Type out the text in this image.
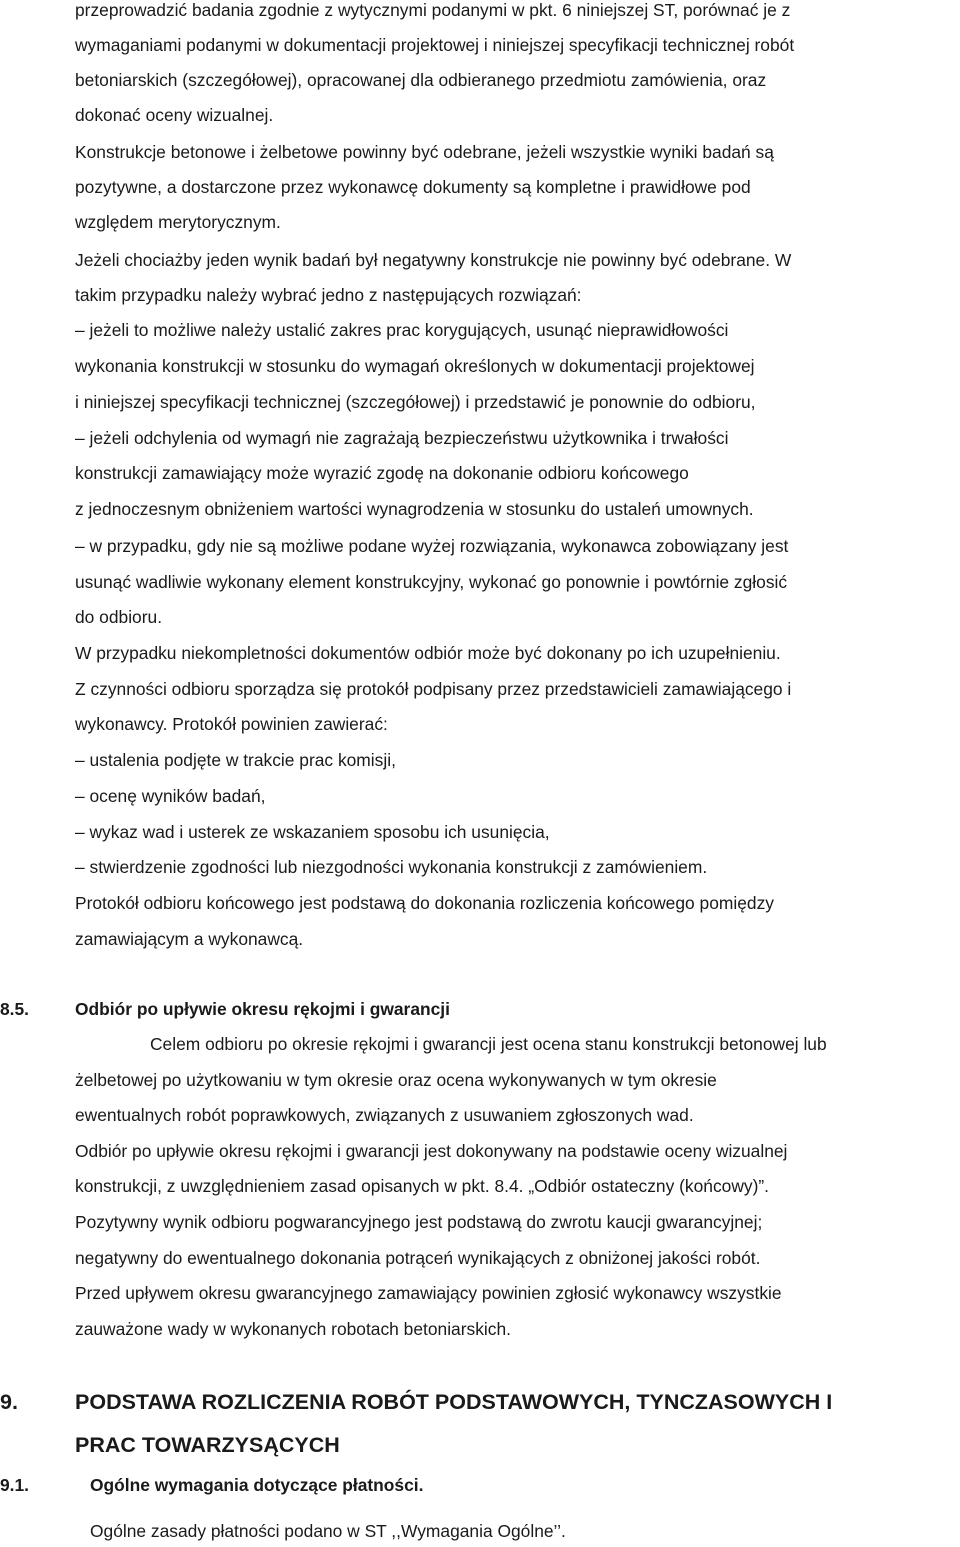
przeprowadzić badania zgodnie z wytycznymi podanymi w pkt. 6 niniejszej ST, porównać je z
wymaganiami podanymi w dokumentacji projektowej i niniejszej specyfikacji technicznej robót
betoniarskich (szczegółowej), opracowanej dla odbieranego przedmiotu zamówienia, oraz
dokonać oceny wizualnej.
Konstrukcje betonowe i żelbetowe powinny być odebrane, jeżeli wszystkie wyniki badań są
pozytywne, a dostarczone przez wykonawcę dokumenty są kompletne i prawidłowe pod
względem merytorycznym.
Jeżeli chociażby jeden wynik badań był negatywny konstrukcje nie powinny być odebrane. W
takim przypadku należy wybrać jedno z następujących rozwiązań:
– jeżeli to możliwe należy ustalić zakres prac korygujących, usunąć nieprawidłowości
wykonania konstrukcji w stosunku do wymagań określonych w dokumentacji projektowej
i niniejszej specyfikacji technicznej (szczegółowej) i przedstawić je ponownie do odbioru,
– jeżeli odchylenia od wymagń nie zagrażają bezpieczeństwu użytkownika i trwałości
konstrukcji zamawiający może wyrazić zgodę na dokonanie odbioru końcowego
z jednoczesnym obniżeniem wartości wynagrodzenia w stosunku do ustaleń umownych.
– w przypadku, gdy nie są możliwe podane wyżej rozwiązania, wykonawca zobowiązany jest
usunąć wadliwie wykonany element konstrukcyjny, wykonać go ponownie i powtórnie zgłosić
do odbioru.
W przypadku niekompletności dokumentów odbiór może być dokonany po ich uzupełnieniu.
Z czynności odbioru sporządza się protokół podpisany przez przedstawicieli zamawiającego i
wykonawcy. Protokół powinien zawierać:
– ustalenia podjęte w trakcie prac komisji,
– ocenę wyników badań,
– wykaz wad i usterek ze wskazaniem sposobu ich usunięcia,
– stwierdzenie zgodności lub niezgodności wykonania konstrukcji z zamówieniem.
Protokół odbioru końcowego jest podstawą do dokonania rozliczenia końcowego pomiędzy
zamawiającym a wykonawcą.
8.5.	Odbiór po upływie okresu rękojmi i gwarancji
Celem odbioru po okresie rękojmi i gwarancji jest ocena stanu konstrukcji betonowej lub
żelbetowej po użytkowaniu w tym okresie oraz ocena wykonywanych w tym okresie
ewentualnych robót poprawkowych, związanych z usuwaniem zgłoszonych wad.
Odbiór po upływie okresu rękojmi i gwarancji jest dokonywany na podstawie oceny wizualnej
konstrukcji, z uwzględnieniem zasad opisanych w pkt. 8.4. „Odbiór ostateczny (końcowy)”.
Pozytywny wynik odbioru pogwarancyjnego jest podstawą do zwrotu kaucji gwarancyjnej;
negatywny do ewentualnego dokonania potrąceń wynikających z obniżonej jakości robót.
Przed upływem okresu gwarancyjnego zamawiający powinien zgłosić wykonawcy wszystkie
zauważone wady w wykonanych robotach betoniarskich.
9.	PODSTAWA ROZLICZENIA ROBÓT PODSTAWOWYCH, TYNCZASOWYCH I
PRAC TOWARZYSĄCYCH
9.1.	Ogólne wymagania dotyczące płatności.
Ogólne zasady płatności podano w ST ,,Wymagania Ogólne’’.
